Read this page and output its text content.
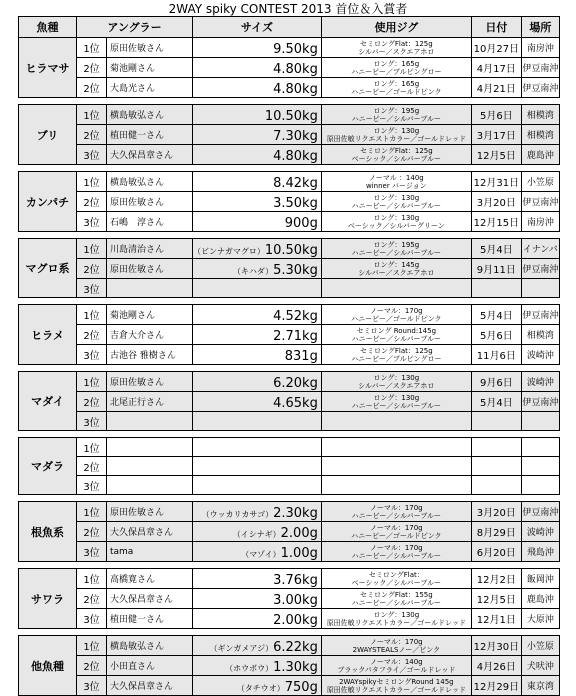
2WAY spiky CONTEST 2013 首位＆入賞者
魚種	アングラー		サイズ	使用ジグ	日付	場所
ヒラマサ	1位	原田佐敏さん	9.50kg	セミロングFlat：125g
シルバー／スクエアホロ	10月27日	南房沖
	2位	菊池剛さん	4.80kg	ロング：165g
ハニービー／ブルピングロー	4月17日	伊豆南沖
	2位	大島光さん	4.80kg	ロング：165g
ハニービー／ゴールドピンク	4月21日	伊豆南沖

ブリ	1位	横島敏弘さん	10.50kg	ロング：195g
ハニービー／シルバーブルー	5月6日	相模湾
	2位	植田健一さん	7.30kg	ロング：130g
原田佐敏リクエストカラー／ゴールドレッド	3月17日	相模湾
	3位	大久保昌章さん	4.80kg	セミロングFlat：125g
ベーシック／シルバーブルー	12月5日	鹿島沖

カンパチ	1位	横島敏弘さん	8.42kg	ノーマル ：140g
winner バージョン	12月31日	小笠原
	2位	原田佐敏さん	3.50kg	ロング：130g
ハニービー／シルバーブルー	3月20日	伊豆南沖
	3位	石嶋　淳さん	900g	ロング：130g
ベーシック／シルバーグリーン	12月15日	南房沖

マグロ系	1位	川島清治さん	（ビンナガマグロ）10.50kg	ロング：195g
ハニービー／シルバーブルー	5月4日	イナンバ
	2位	原田佐敏さん	（キハダ）5.30kg	ロング：145g
シルバー／スクエアホロ	9月11日	伊豆南沖
	3位			

ヒラメ	1位	菊池剛さん	4.52kg	ノーマル：170g
ハニービー／ゴールドピンク	5月4日	伊豆南沖
	2位	吉倉大介さん	2.71kg	セミロング Round:145g
ハニービー／シルバーブルー	5月6日	相模湾
	3位	古池谷 雅樹さん	831g	セミロングFlat：125g
ハニービー／ブルピングロー	11月6日	波崎沖

マダイ	1位	原田佐敏さん	6.20kg	ロング：130g
シルバー／スクエアホロ	9月6日	波崎沖
	2位	北尾正行さん	4.65kg	ロング：130g
ハニービー／シルバーブルー	5月4日	伊豆南沖
	3位			

マダラ	1位			

	2位			

	3位			

根魚系	1位	原田佐敏さん	（ウッカリカサゴ）2.30kg	ノーマル：170g
ハニービー／シルバーブルー	3月20日	伊豆南沖
	2位	大久保昌章さん	（イシナギ）2.00g	ノーマル：170g
ハニービー／ゴールドピンク	8月29日	波崎沖
	3位	tama	（マゾイ）1.00g	ノーマル：170g
ハニービー／シルバーブルー	6月20日	飛島沖

サワラ	1位	高橋寛さん	3.76kg	セミロングFlat：
ベーシック／シルバーブルー	12月2日	飯岡沖
	2位	大久保昌章さん	3.00kg	セミロングFlat：155g
ハニービー／シルバーブルー	12月5日	鹿島沖
	3位	植田健一さん	2.00kg	ロング：130g
原田佐敏リクエストカラー／ゴールドレッド	12月1日	大原沖

他魚種	1位	横島敏弘さん	（ギンガメアジ）6.22kg	ノーマル：170g
2WAYSTEALSノー／ピンク	12月30日	小笠原
	2位	小田直さん	（ホウボウ）1.30kg	ノーマル：140g
ブラックパタフライ／ゴールドレッド	4月26日	犬吠沖
	3位	大久保昌章さん	（タチウオ）750g	2WAYspikyセミロングRound 145g
原田佐敏リクエストカラー／ゴールドレッド	12月29日	東京湾
